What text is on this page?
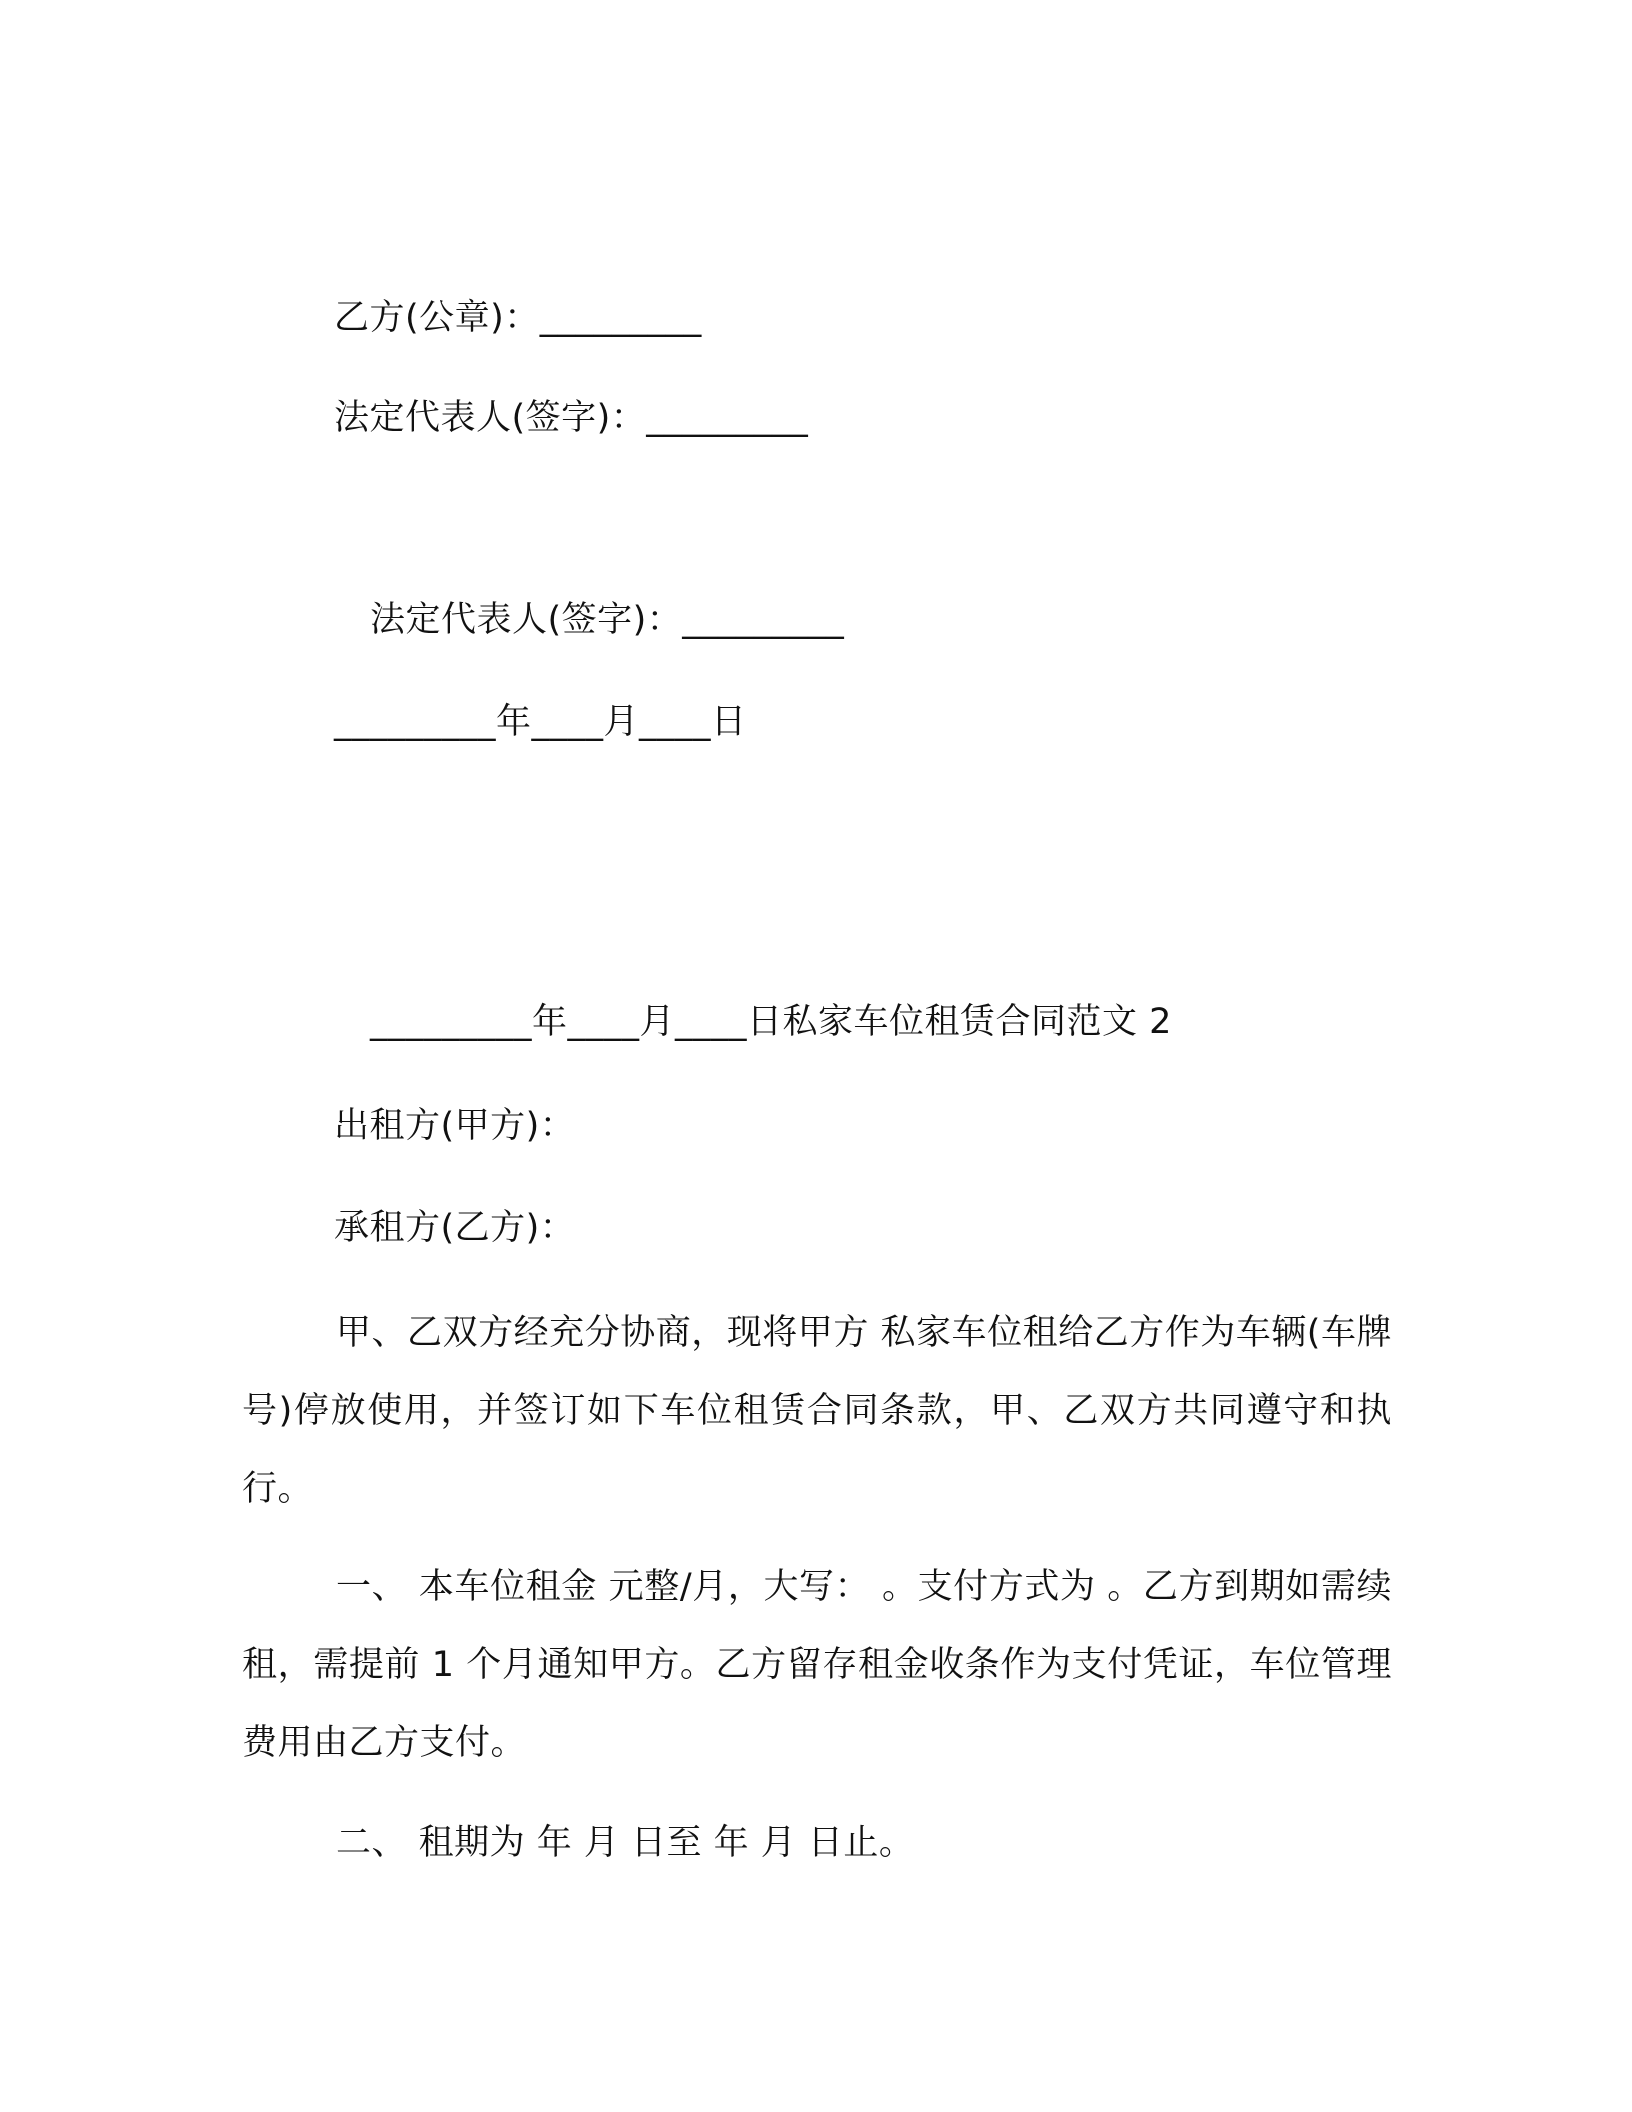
乙方(公章)：_________
法定代表人(签字)：_________
法定代表人(签字)：_________
_________年____月____日
_________年____月____日私家车位租赁合同范文 2
出租方(甲方)：
承租方(乙方)：

甲、乙双方经充分协商，现将甲方 私家车位租给乙方作为车辆(车牌号)停放使用，并签订如下车位租赁合同条款，甲、乙双方共同遵守和执行。

一、 本车位租金 元整/月，大写： 。支付方式为 。乙方到期如需续租，需提前 1 个月通知甲方。乙方留存租金收条作为支付凭证，车位管理费用由乙方支付。

二、 租期为 年 月 日至 年 月 日止。
